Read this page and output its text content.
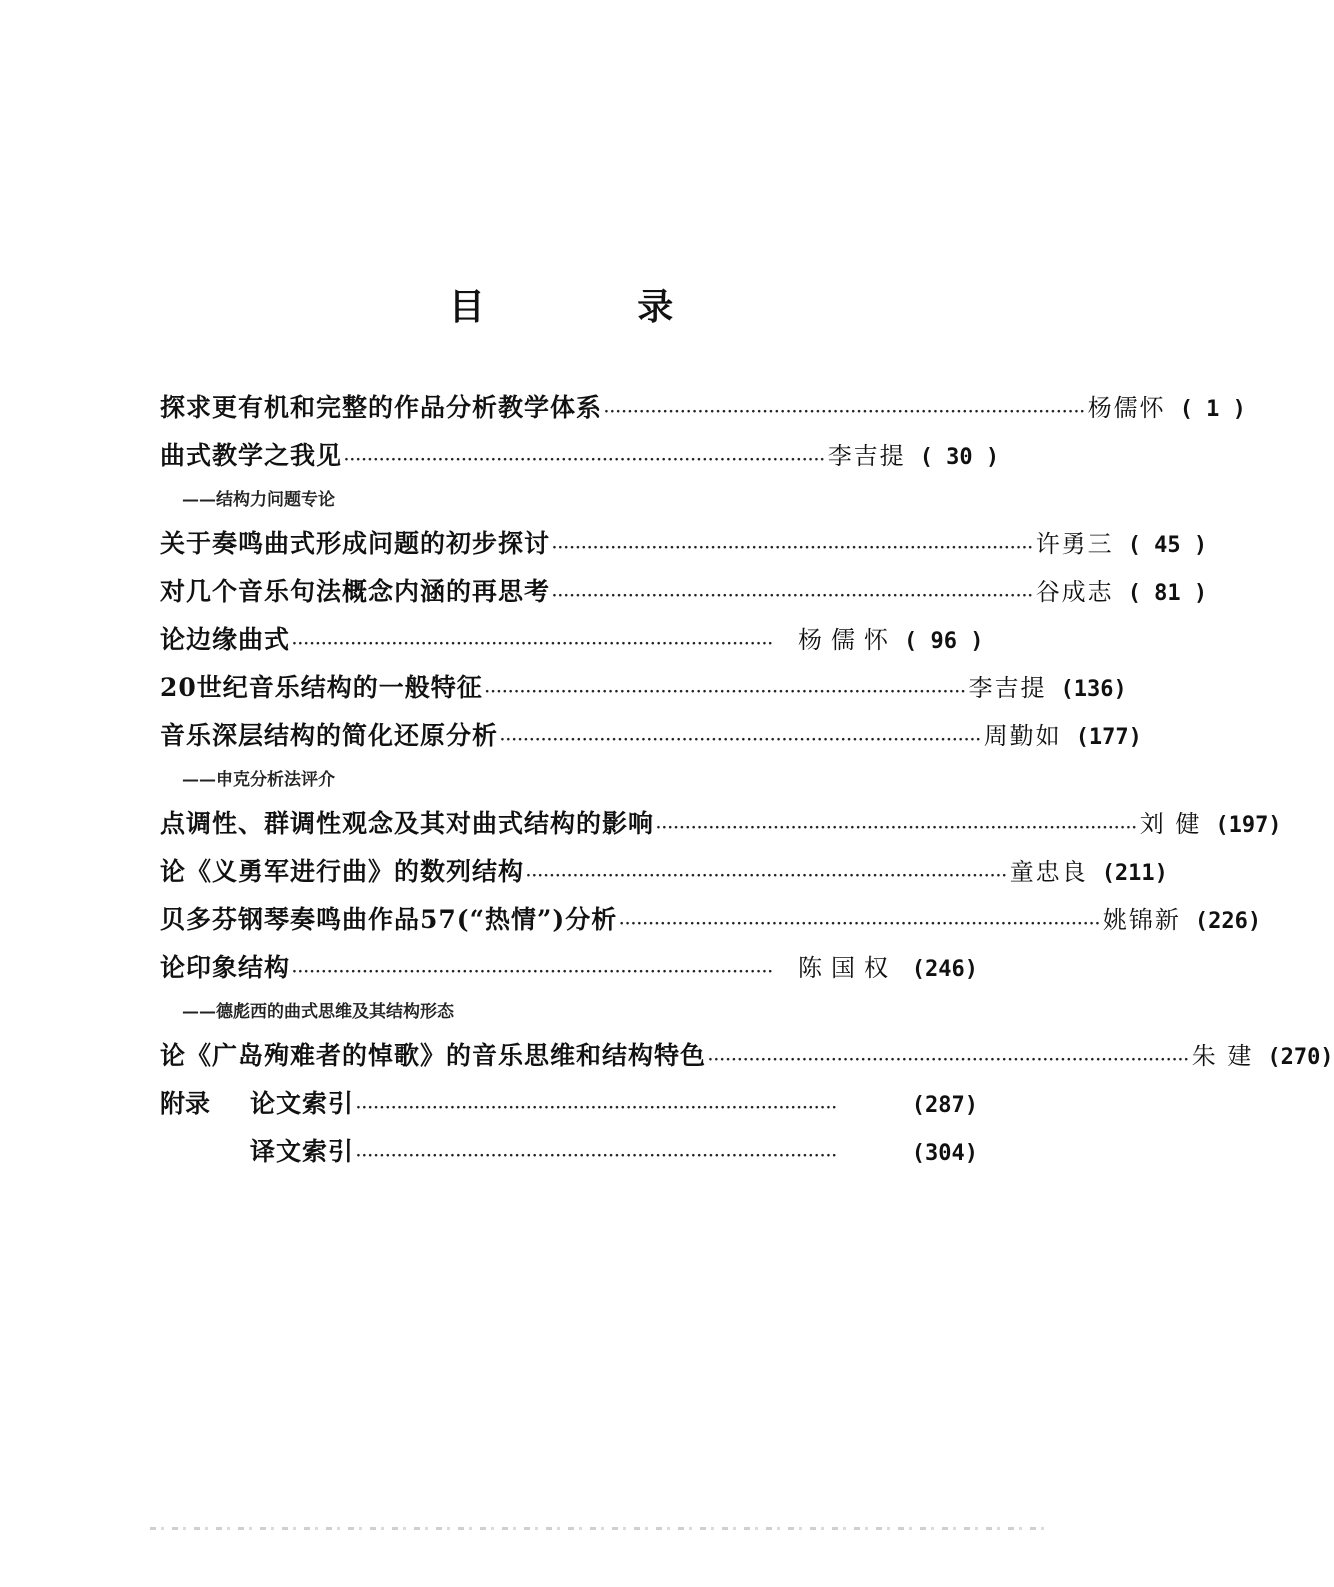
目 录
探求更有机和完整的作品分析教学体系 ·················································································· 杨儒怀 ( 1 )
曲式教学之我见 ·················································································· 李吉提 ( 30 )
——结构力问题专论
关于奏鸣曲式形成问题的初步探讨 ·················································································· 许勇三 ( 45 )
对几个音乐句法概念内涵的再思考 ·················································································· 谷成志 ( 81 )
论边缘曲式 ··················································································	杨儒怀 ( 96 )
20世纪音乐结构的一般特征 ·················································································· 李吉提 (136)
音乐深层结构的简化还原分析 ·················································································· 周勤如 (177)
——申克分析法评介
点调性、群调性观念及其对曲式结构的影响 ·················································································· 刘 健 (197)
论《义勇军进行曲》的数列结构 ·················································································· 童忠良 (211)
贝多芬钢琴奏鸣曲作品57(“热情”)分析 ·················································································· 姚锦新 (226)
论印象结构 ··················································································	陈国权 (246)
——德彪西的曲式思维及其结构形态
论《广岛殉难者的悼歌》的音乐思维和结构特色 ·················································································· 朱 建 (270)
附录	论文索引 ··················································································	(287)
译文索引 ··················································································	(304)
